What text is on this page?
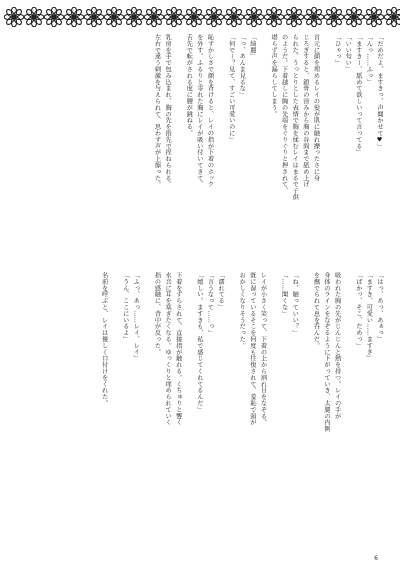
「だめだよ、ますきっ、声聞かせて♥」
「んっ……ふっ」
「ますきー、舐めて欲しいって言ってる」
「いい匂い」
「ひゃっ」

首元に顔を埋めるレイの髪が肌に触れ擽ったさに身
じろぎすると、鎖骨の窪みから胸の谷間まで舐め上げ
られた。うっとりとした表情で胸を揉むレイはまるで子供
のようだ。下着越しに胸の先端をぐりぐりと押されて、
堪らず声を漏らしてしまう。

「綺麗」
「っ、あんま見るな」
「何でー？見て、すごい可愛いのに」

恥ずかしさで顔を背けると、レイの指が下着のホック
を外す。ふるりと零れた胸にレイが吸い付いてきて、
舌先で転がされる度に腰が跳ねる。

乳房を手で包み込まれ、胸の先を指先で捏ねられる。
左右で違う刺激を与えられて、思わず声が上擦った。
「はっ、あっ、あぁっ」
「ますき、可愛い……ますき」
「ばかっ、そこ、だめっ」

吸われた胸の先がじんじんと熱を持つ。レイの手が
身体のラインをなぞるように下がっていき、太腿の内側
を撫でられて息を呑んだ。

「ね、触っていい？」
「……聞くな」

レイが小さく笑って、下着の上から割れ目をなぞる。
既に湿っているそこを何度も往復されて、羞恥で頭が
おかしくなりそうだった。

「濡れてる」
「言うなって……っ」
「嬉しい。ますきも、私で感じてくれてるんだ」

下着をずらされて、直接指が触れる。くちゅりと響く
水音に耳を塞ぎたくなる。ゆっくりと埋められていく
指の感触に、背中が反った。

「ふっ、あっ……レイ、レイ」
「うん、ここにいるよ」

名前を呼ぶと、レイは優しく口付けをくれた。
6
